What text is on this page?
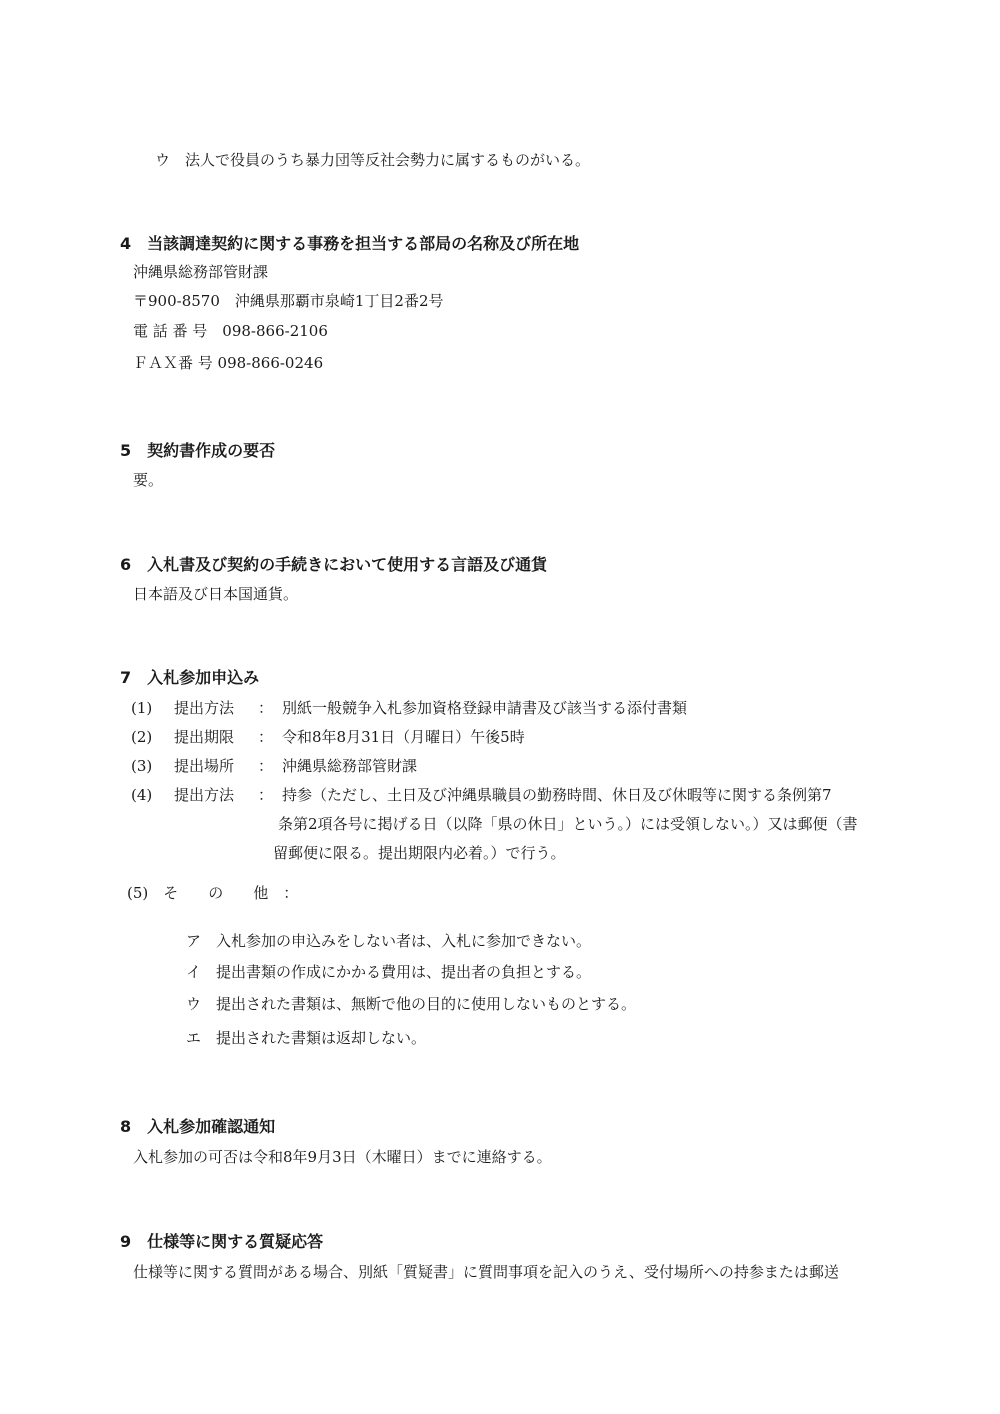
ウ　法人で役員のうち暴力団等反社会勢力に属するものがいる。
4　当該調達契約に関する事務を担当する部局の名称及び所在地
沖縄県総務部管財課
〒900-8570　沖縄県那覇市泉崎1丁目2番2号
電 話 番 号　098-866-2106
ＦＡＸ番 号 098-866-0246
5　契約書作成の要否
要。
6　入札書及び契約の手続きにおいて使用する言語及び通貨
日本語及び日本国通貨。
7　入札参加申込み
(1) 提出方法 ： 別紙一般競争入札参加資格登録申請書及び該当する添付書類
(2) 提出期限 ： 令和8年8月31日（月曜日）午後5時
(3) 提出場所 ： 沖縄県総務部管財課
(4) 提出方法 ： 持参（ただし、土日及び沖縄県職員の勤務時間、休日及び休暇等に関する条例第7
条第2項各号に掲げる日（以降「県の休日」という。）には受領しない。）又は郵便（書
留郵便に限る。提出期限内必着。）で行う。
(5)　そ　　の　　他　：
ア　入札参加の申込みをしない者は、入札に参加できない。
イ　提出書類の作成にかかる費用は、提出者の負担とする。
ウ　提出された書類は、無断で他の目的に使用しないものとする。
エ　提出された書類は返却しない。
8　入札参加確認通知
入札参加の可否は令和8年9月3日（木曜日）までに連絡する。
9　仕様等に関する質疑応答
仕様等に関する質問がある場合、別紙「質疑書」に質問事項を記入のうえ、受付場所への持参または郵送
